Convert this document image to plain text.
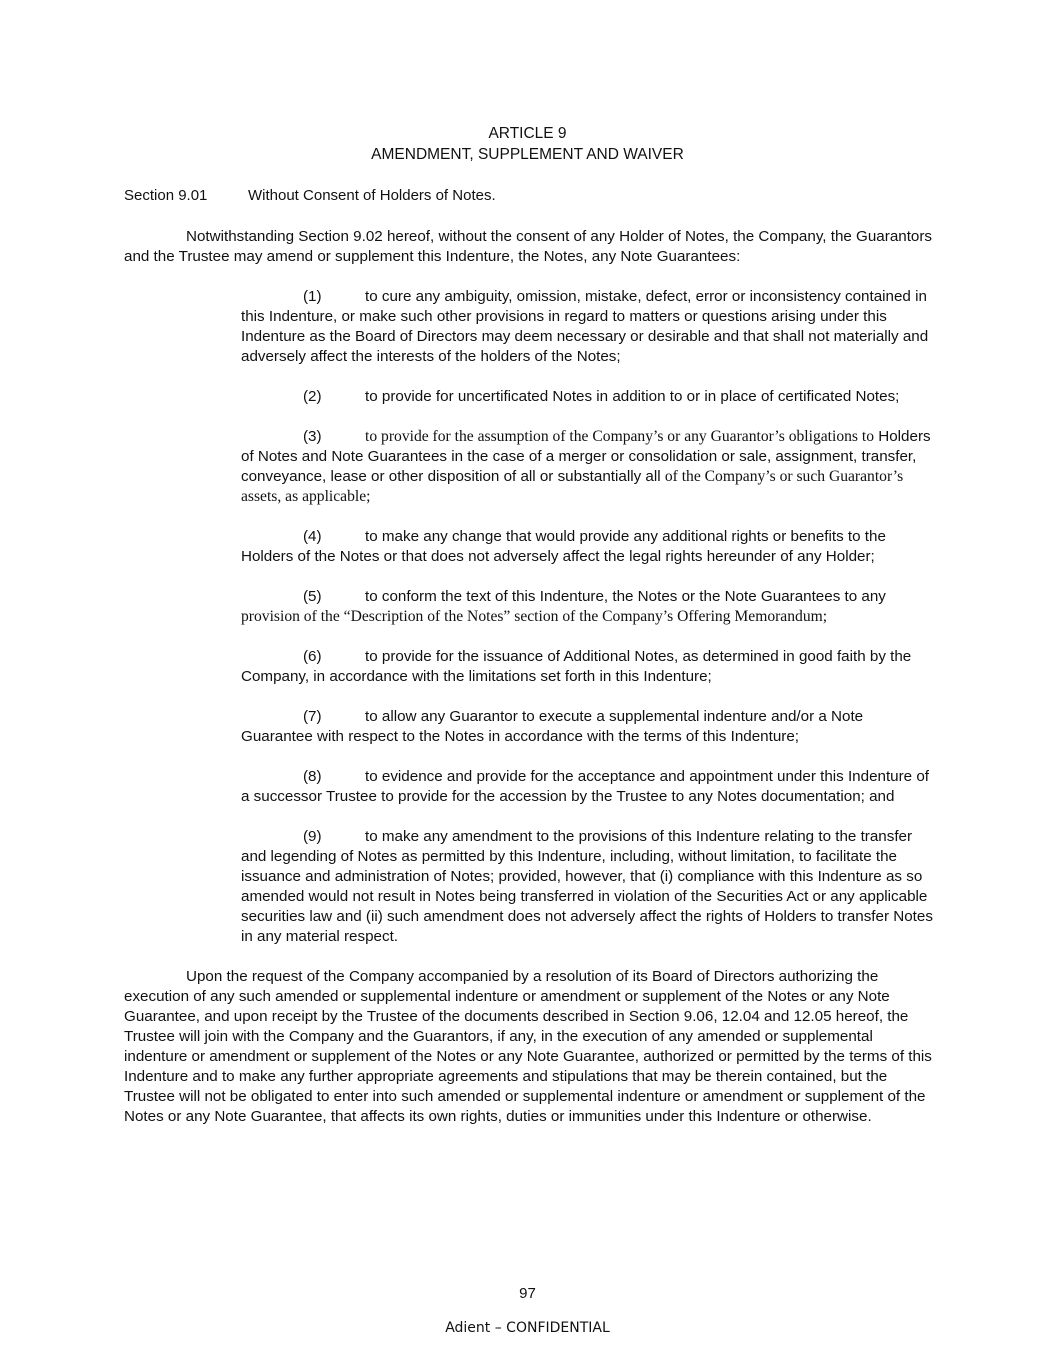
ARTICLE 9
AMENDMENT, SUPPLEMENT AND WAIVER
Section 9.01	Without Consent of Holders of Notes.

Notwithstanding Section 9.02 hereof, without the consent of any Holder of Notes, the Company, the Guarantors and the Trustee may amend or supplement this Indenture, the Notes, any Note Guarantees:

(1)	to cure any ambiguity, omission, mistake, defect, error or inconsistency contained in this Indenture, or make such other provisions in regard to matters or questions arising under this Indenture as the Board of Directors may deem necessary or desirable and that shall not materially and adversely affect the interests of the holders of the Notes;

(2)	to provide for uncertificated Notes in addition to or in place of certificated Notes;

(3)	to provide for the assumption of the Company’s or any Guarantor’s obligations to Holders of Notes and Note Guarantees in the case of a merger or consolidation or sale, assignment, transfer, conveyance, lease or other disposition of all or substantially all of the Company’s or such Guarantor’s assets, as applicable;

(4)	to make any change that would provide any additional rights or benefits to the Holders of the Notes or that does not adversely affect the legal rights hereunder of any Holder;

(5)	to conform the text of this Indenture, the Notes or the Note Guarantees to any provision of the “Description of the Notes” section of the Company’s Offering Memorandum;

(6)	to provide for the issuance of Additional Notes, as determined in good faith by the Company, in accordance with the limitations set forth in this Indenture;

(7)	to allow any Guarantor to execute a supplemental indenture and/or a Note Guarantee with respect to the Notes in accordance with the terms of this Indenture;

(8)	to evidence and provide for the acceptance and appointment under this Indenture of a successor Trustee to provide for the accession by the Trustee to any Notes documentation; and

(9)	to make any amendment to the provisions of this Indenture relating to the transfer and legending of Notes as permitted by this Indenture, including, without limitation, to facilitate the issuance and administration of Notes; provided, however, that (i) compliance with this Indenture as so amended would not result in Notes being transferred in violation of the Securities Act or any applicable securities law and (ii) such amendment does not adversely affect the rights of Holders to transfer Notes in any material respect.

Upon the request of the Company accompanied by a resolution of its Board of Directors authorizing the execution of any such amended or supplemental indenture or amendment or supplement of the Notes or any Note Guarantee, and upon receipt by the Trustee of the documents described in Section 9.06, 12.04 and 12.05 hereof, the Trustee will join with the Company and the Guarantors, if any, in the execution of any amended or supplemental indenture or amendment or supplement of the Notes or any Note Guarantee, authorized or permitted by the terms of this Indenture and to make any further appropriate agreements and stipulations that may be therein contained, but the Trustee will not be obligated to enter into such amended or supplemental indenture or amendment or supplement of the Notes or any Note Guarantee, that affects its own rights, duties or immunities under this Indenture or otherwise.

97
Adient – CONFIDENTIAL
